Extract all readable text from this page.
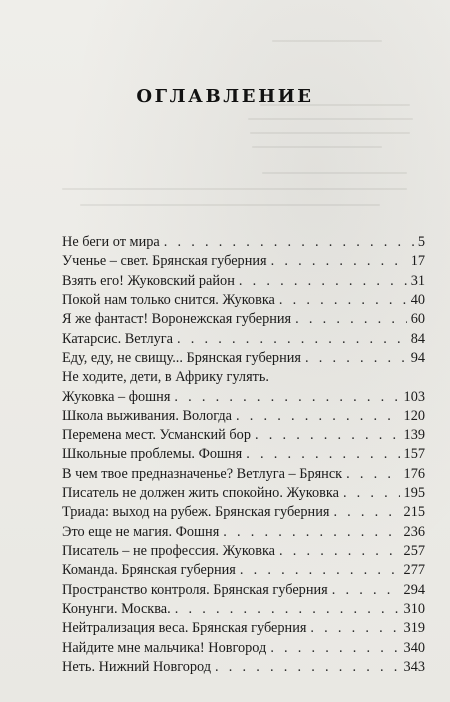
ОГЛАВЛЕНИЕ
Не беги от мира . . .	5
Ученье – свет. Брянская губерния . . .	17
Взять его! Жуковский район . . .	31
Покой нам только снится. Жуковка . . .	40
Я же фантаст! Воронежская губерния . . .	60
Катарсис. Ветлуга . . .	84
Еду, еду, не свищу... Брянская губерния . . .	94
Не ходите, дети, в Африку гулять.
Жуковка – фошня . . .	103
Школа выживания. Вологда . . .	120
Перемена мест. Усманский бор . . .	139
Школьные проблемы. Фошня . . .	157
В чем твое предназначенье? Ветлуга – Брянск . . .	176
Писатель не должен жить спокойно. Жуковка . . .	195
Триада: выход на рубеж. Брянская губерния . . .	215
Это еще не магия. Фошня . . .	236
Писатель – не профессия. Жуковка . . .	257
Команда. Брянская губерния . . .	277
Пространство контроля. Брянская губерния . . .	294
Конунги. Москва. . . .	310
Нейтрализация веса. Брянская губерния . . .	319
Найдите мне мальчика! Новгород . . .	340
Неть. Нижний Новгород . . .	343
